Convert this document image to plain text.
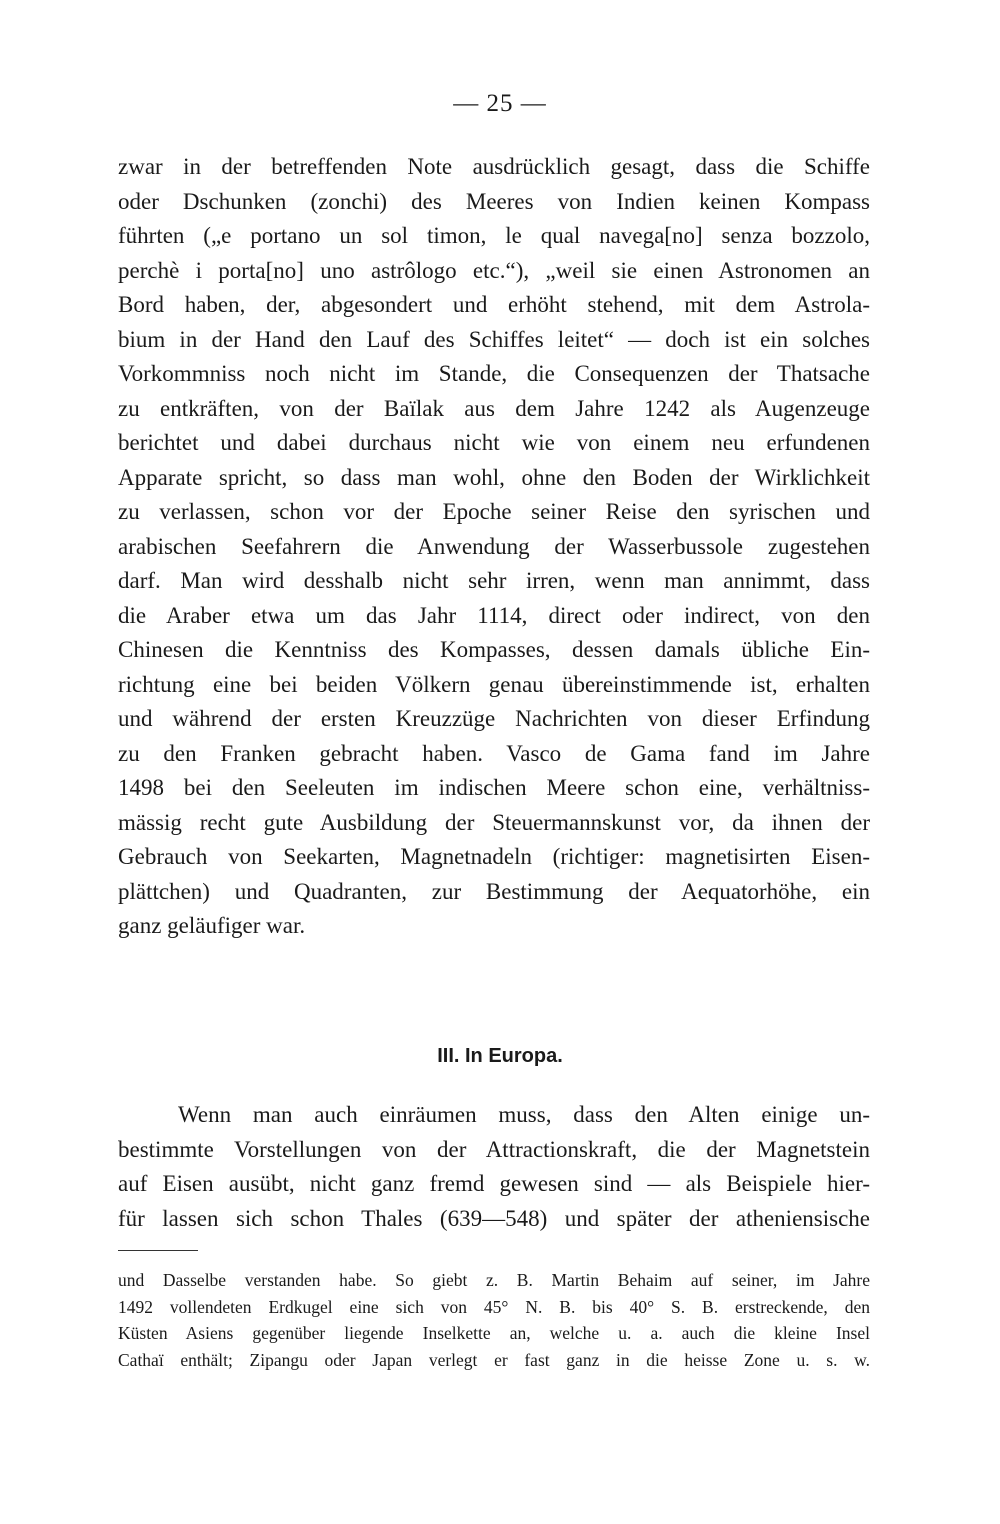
— 25 —
zwar in der betreffenden Note ausdrücklich gesagt, dass die Schiffe
oder Dschunken (zonchi) des Meeres von Indien keinen Kompass
führten („e portano un sol timon, le qual navega[no] senza bozzolo,
perchè i porta[no] uno astrôlogo etc.“), „weil sie einen Astronomen an
Bord haben, der, abgesondert und erhöht stehend, mit dem Astrola-
bium in der Hand den Lauf des Schiffes leitet“ — doch ist ein solches
Vorkommniss noch nicht im Stande, die Consequenzen der Thatsache
zu entkräften, von der Baïlak aus dem Jahre 1242 als Augenzeuge
berichtet und dabei durchaus nicht wie von einem neu erfundenen
Apparate spricht, so dass man wohl, ohne den Boden der Wirklichkeit
zu verlassen, schon vor der Epoche seiner Reise den syrischen und
arabischen Seefahrern die Anwendung der Wasserbussole zugestehen
darf. Man wird desshalb nicht sehr irren, wenn man annimmt, dass
die Araber etwa um das Jahr 1114, direct oder indirect, von den
Chinesen die Kenntniss des Kompasses, dessen damals übliche Ein-
richtung eine bei beiden Völkern genau übereinstimmende ist, erhalten
und während der ersten Kreuzzüge Nachrichten von dieser Erfindung
zu den Franken gebracht haben. Vasco de Gama fand im Jahre
1498 bei den Seeleuten im indischen Meere schon eine, verhältniss-
mässig recht gute Ausbildung der Steuermannskunst vor, da ihnen der
Gebrauch von Seekarten, Magnetnadeln (richtiger: magnetisirten Eisen-
plättchen) und Quadranten, zur Bestimmung der Aequatorhöhe, ein
ganz geläufiger war.
III. In Europa.
Wenn man auch einräumen muss, dass den Alten einige un-
bestimmte Vorstellungen von der Attractionskraft, die der Magnetstein
auf Eisen ausübt, nicht ganz fremd gewesen sind — als Beispiele hier-
für lassen sich schon Thales (639—548) und später der atheniensische
und Dasselbe verstanden habe. So giebt z. B. Martin Behaim auf seiner, im Jahre
1492 vollendeten Erdkugel eine sich von 45° N. B. bis 40° S. B. erstreckende, den
Küsten Asiens gegenüber liegende Inselkette an, welche u. a. auch die kleine Insel
Cathaï enthält; Zipangu oder Japan verlegt er fast ganz in die heisse Zone u. s. w.
